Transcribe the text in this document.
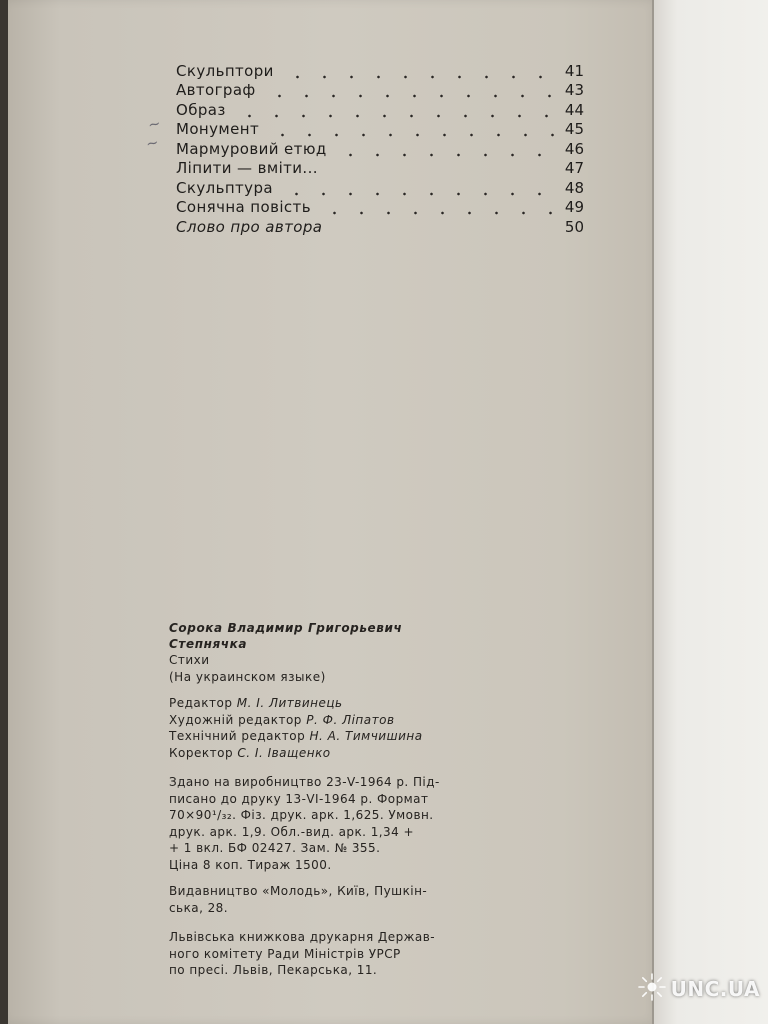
Скульптори	41
Автограф	43
Образ	44
Монумент	45
Мармуровий етюд	46
Ліпити — вміти...	47
Скульптура	48
Сонячна повість	49
Слово про автора	50
~
~

Сорока Владимир Григорьевич

Степнячка

Стихи

(На украинском языке)

Редактор М. І. Литвинець

Художній редактор Р. Ф. Ліпатов

Технічний редактор Н. А. Тимчишина

Коректор С. І. Іващенко

Здано на виробництво 23-V-1964 р. Під-

писано до друку 13-VI-1964 р. Формат

70×90¹/₃₂. Фіз. друк. арк. 1,625. Умовн.

друк. арк. 1,9. Обл.-вид. арк. 1,34 +

+ 1 вкл. БФ 02427. Зам. № 355.

Ціна 8 коп. Тираж 1500.

Видавництво «Молодь», Київ, Пушкін-

ська, 28.

Львівська книжкова друкарня Держав-

ного комітету Ради Міністрів УРСР

по пресі. Львів, Пекарська, 11.

UNC.UA
